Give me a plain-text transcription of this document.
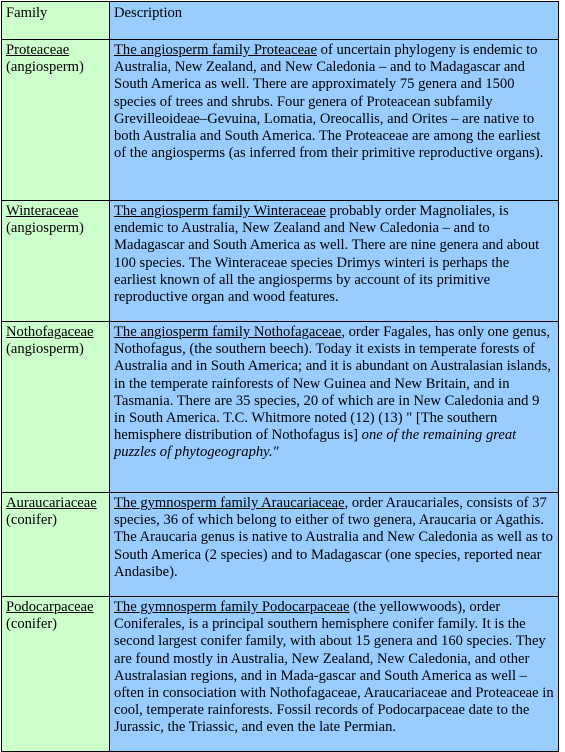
Family	Description
Proteaceae
(angiosperm)	The angiosperm family Proteaceae of uncertain phylogeny is endemic to Australia, New Zealand, and New Caledonia – and to Madagascar and South America as well. There are approximately 75 genera and 1500 species of trees and shrubs. Four genera of Proteacean subfamily Grevilleoideae–Gevuina, Lomatia, Oreocallis, and Orites – are native to both Australia and South America. The Proteaceae are among the earliest of the angiosperms (as inferred from their primitive reproductive organs).
Winteraceae
(angiosperm)	The angiosperm family Winteraceae probably order Magnoliales, is endemic to Australia, New Zealand and New Caledonia – and to Madagascar and South America as well. There are nine genera and about 100 species. The Winteraceae species Drimys winteri is perhaps the earliest known of all the angiosperms by account of its primitive reproductive organ and wood features.
Nothofagaceae
(angiosperm)	The angiosperm family Nothofagaceae, order Fagales, has only one genus, Nothofagus, (the southern beech). Today it exists in temperate forests of Australia and in South America; and it is abundant on Australasian islands, in the temperate rainforests of New Guinea and New Britain, and in Tasmania. There are 35 species, 20 of which are in New Caledonia and 9 in South America. T.C. Whitmore noted (12) (13) " [The southern hemisphere distribution of Nothofagus is] one of the remaining great puzzles of phytogeography."
Auraucariaceae
(conifer)	The gymnosperm family Araucariaceae, order Araucariales, consists of 37 species, 36 of which belong to either of two genera, Araucaria or Agathis. The Araucaria genus is native to Australia and New Caledonia as well as to South America (2 species) and to Madagascar (one species, reported near Andasibe).
Podocarpaceae
(conifer)	The gymnosperm family Podocarpaceae (the yellowwoods), order Coniferales, is a principal southern hemisphere conifer family. It is the second largest conifer family, with about 15 genera and 160 species. They are found mostly in Australia, New Zealand, New Caledonia, and other Australasian regions, and in Mada-gascar and South America as well – often in consociation with Nothofagaceae, Araucariaceae and Proteaceae in cool, temperate rainforests. Fossil records of Podocarpaceae date to the Jurassic, the Triassic, and even the late Permian.
